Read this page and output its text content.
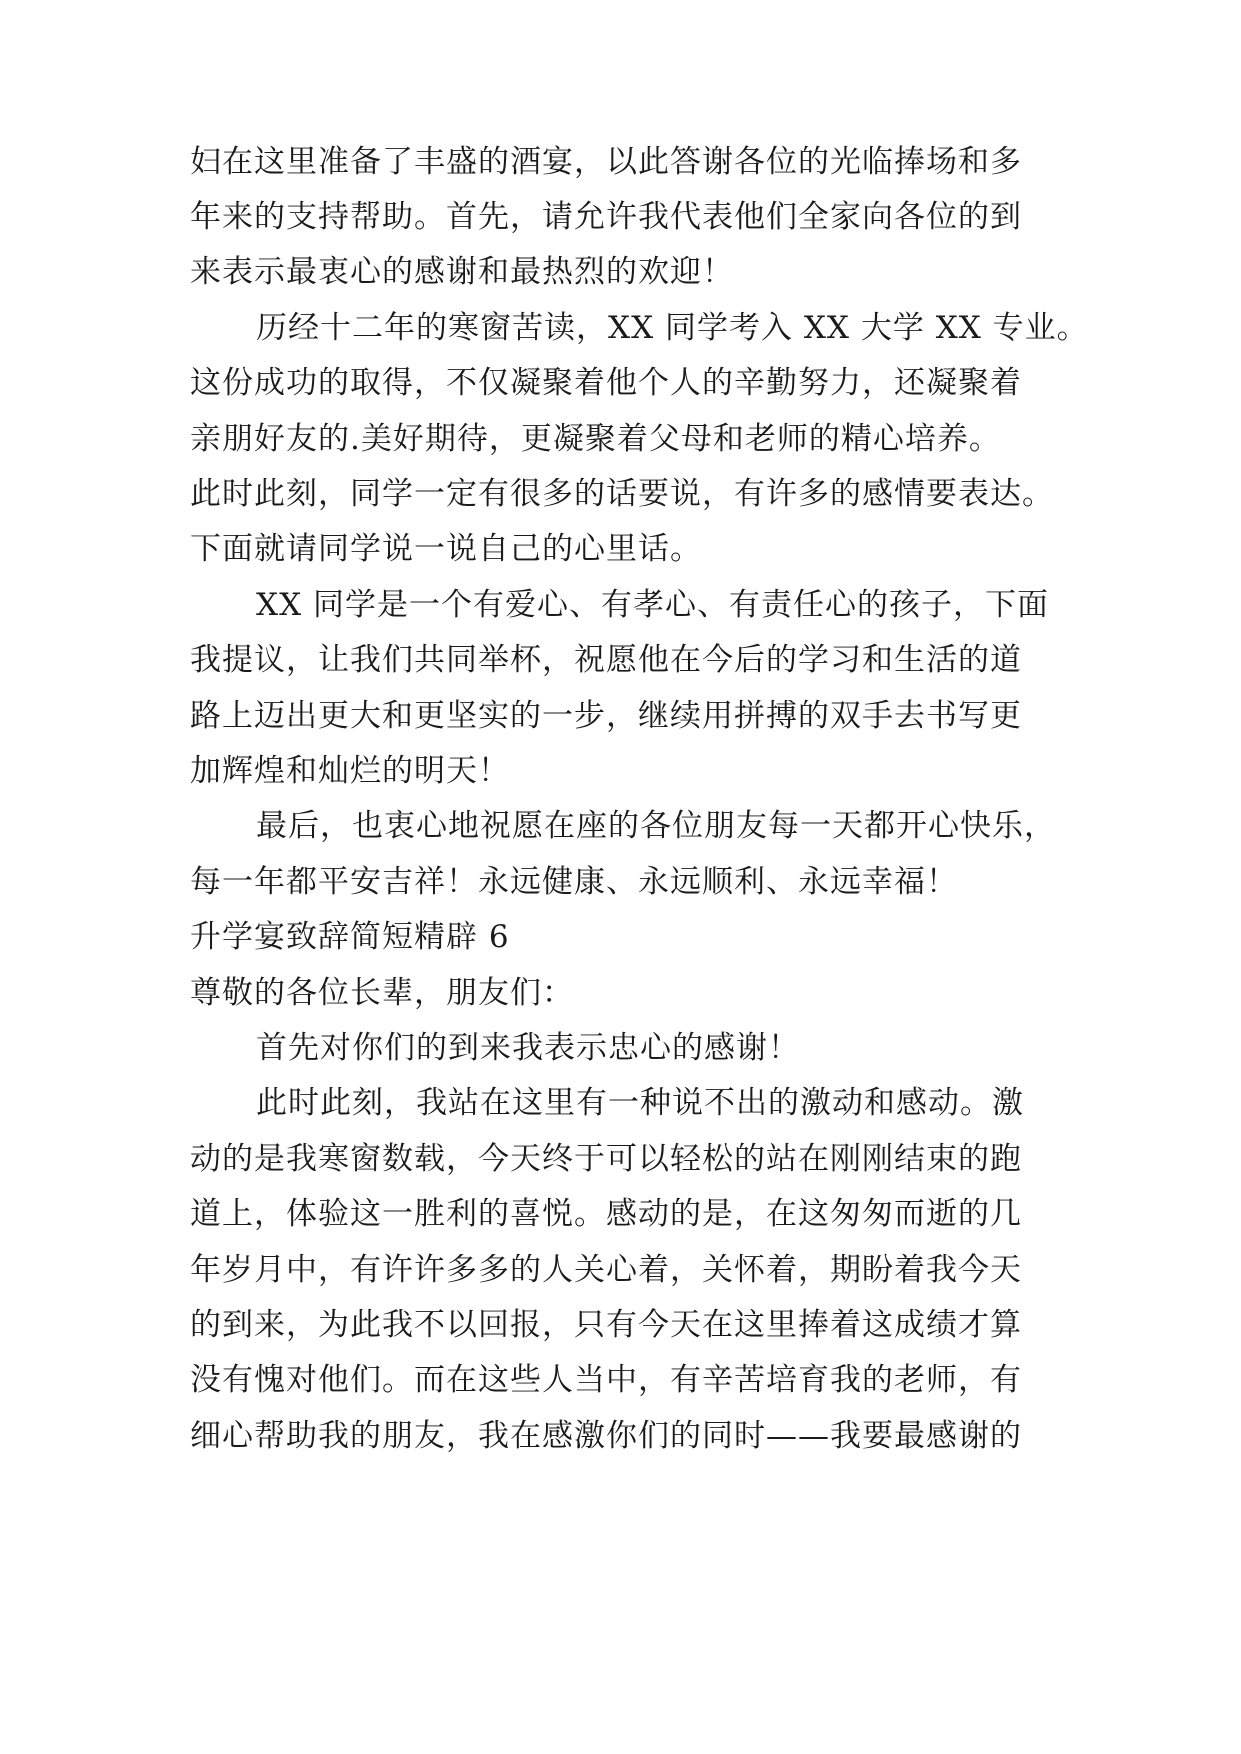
妇在这里准备了丰盛的酒宴，以此答谢各位的光临捧场和多
年来的支持帮助。首先，请允许我代表他们全家向各位的到
来表示最衷心的感谢和最热烈的欢迎！
历经十二年的寒窗苦读，XX 同学考入 XX 大学 XX 专业。
这份成功的取得，不仅凝聚着他个人的辛勤努力，还凝聚着
亲朋好友的.美好期待，更凝聚着父母和老师的精心培养。
此时此刻，同学一定有很多的话要说，有许多的感情要表达。
下面就请同学说一说自己的心里话。
XX 同学是一个有爱心、有孝心、有责任心的孩子，下面
我提议，让我们共同举杯，祝愿他在今后的学习和生活的道
路上迈出更大和更坚实的一步，继续用拼搏的双手去书写更
加辉煌和灿烂的明天！
最后，也衷心地祝愿在座的各位朋友每一天都开心快乐，
每一年都平安吉祥！永远健康、永远顺利、永远幸福！
升学宴致辞简短精辟 6
尊敬的各位长辈，朋友们：
首先对你们的到来我表示忠心的感谢！
此时此刻，我站在这里有一种说不出的激动和感动。激
动的是我寒窗数载，今天终于可以轻松的站在刚刚结束的跑
道上，体验这一胜利的喜悦。感动的是，在这匆匆而逝的几
年岁月中，有许许多多的人关心着，关怀着，期盼着我今天
的到来，为此我不以回报，只有今天在这里捧着这成绩才算
没有愧对他们。而在这些人当中，有辛苦培育我的老师，有
细心帮助我的朋友，我在感激你们的同时——我要最感谢的
